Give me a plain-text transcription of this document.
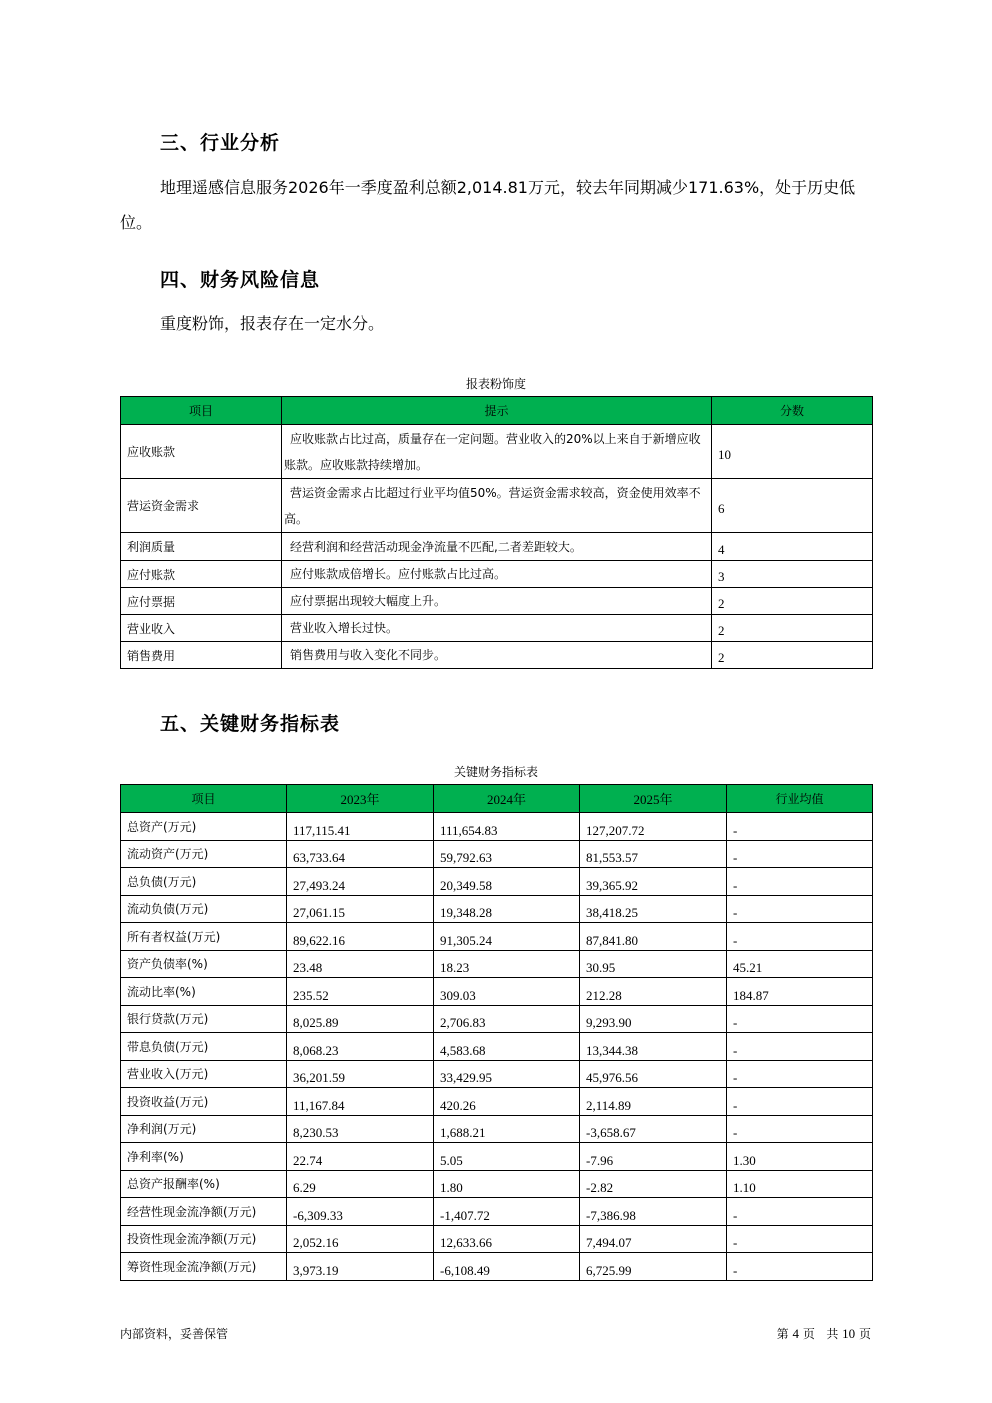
三、行业分析
地理遥感信息服务2026年一季度盈利总额2,014.81万元，较去年同期减少171.63%，处于历史低位。
四、财务风险信息
重度粉饰，报表存在一定水分。
报表粉饰度
项目	提示	分数
应收账款	应收账款占比过高，质量存在一定问题。营业收入的20%以上来自于新增应收账款。应收账款持续增加。	10
营运资金需求	营运资金需求占比超过行业平均值50%。营运资金需求较高，资金使用效率不高。	6
利润质量	经营利润和经营活动现金净流量不匹配,二者差距较大。	4
应付账款	应付账款成倍增长。应付账款占比过高。	3
应付票据	应付票据出现较大幅度上升。	2
营业收入	营业收入增长过快。	2
销售费用	销售费用与收入变化不同步。	2
五、关键财务指标表
关键财务指标表
项目	2023年	2024年	2025年	行业均值
总资产(万元)	117,115.41	111,654.83	127,207.72	-
流动资产(万元)	63,733.64	59,792.63	81,553.57	-
总负债(万元)	27,493.24	20,349.58	39,365.92	-
流动负债(万元)	27,061.15	19,348.28	38,418.25	-
所有者权益(万元)	89,622.16	91,305.24	87,841.80	-
资产负债率(%)	23.48	18.23	30.95	45.21
流动比率(%)	235.52	309.03	212.28	184.87
银行贷款(万元)	8,025.89	2,706.83	9,293.90	-
带息负债(万元)	8,068.23	4,583.68	13,344.38	-
营业收入(万元)	36,201.59	33,429.95	45,976.56	-
投资收益(万元)	11,167.84	420.26	2,114.89	-
净利润(万元)	8,230.53	1,688.21	-3,658.67	-
净利率(%)	22.74	5.05	-7.96	1.30
总资产报酬率(%)	6.29	1.80	-2.82	1.10
经营性现金流净额(万元)	-6,309.33	-1,407.72	-7,386.98	-
投资性现金流净额(万元)	2,052.16	12,633.66	7,494.07	-
筹资性现金流净额(万元)	3,973.19	-6,108.49	6,725.99	-
内部资料，妥善保管	第 4 页 共 10 页
